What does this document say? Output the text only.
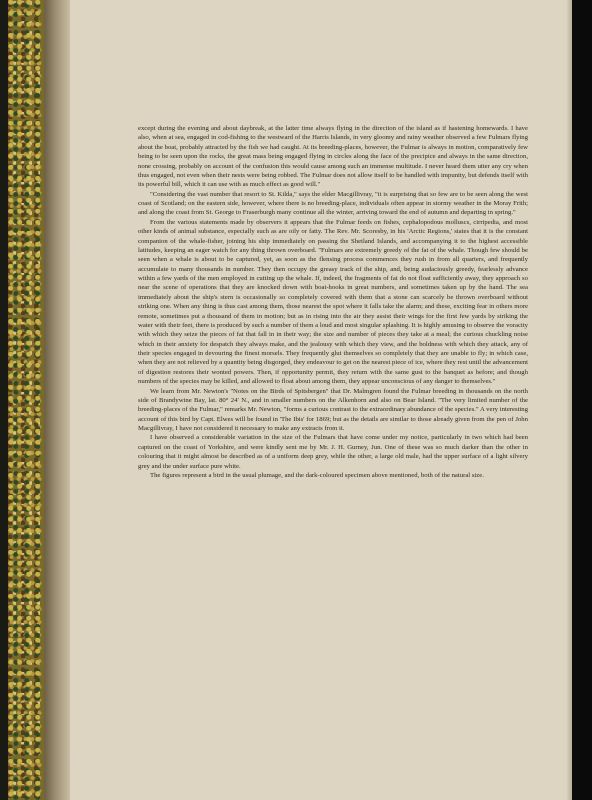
except during the evening and about daybreak, at the latter time always flying in the direction of the island as if hastening homewards. I have also, when at sea, engaged in cod-fishing to the westward of the Harris Islands, in very gloomy and rainy weather observed a few Fulmars flying about the boat, probably attracted by the fish we had caught. At its breeding-places, however, the Fulmar is always in motion, comparatively few being to be seen upon the rocks, the great mass being engaged flying in circles along the face of the precipice and always in the same direction, none crossing, probably on account of the confusion this would cause among such an immense multitude. I never heard them utter any cry when thus engaged, not even when their nests were being robbed. The Fulmar does not allow itself to be handled with impunity, but defends itself with its powerful bill, which it can use with as much effect as good will."

"Considering the vast number that resort to St. Kilda," says the elder Macgillivray, "it is surprising that so few are to be seen along the west coast of Scotland; on the eastern side, however, where there is no breeding-place, individuals often appear in stormy weather in the Moray Frith; and along the coast from St. George to Fraserburgh many continue all the winter, arriving toward the end of autumn and departing in spring."

From the various statements made by observers it appears that the Fulmar feeds on fishes, cephalopodous molluscs, cirripedia, and most other kinds of animal substance, especially such as are oily or fatty. The Rev. Mr. Scoresby, in his 'Arctic Regions,' states that it is the constant companion of the whale-fisher, joining his ship immediately on passing the Shetland Islands, and accompanying it to the highest accessible latitudes, keeping an eager watch for any thing thrown overboard. "Fulmars are extremely greedy of the fat of the whale. Though few should be seen when a whale is about to be captured, yet, as soon as the flensing process commences they rush in from all quarters, and frequently accumulate to many thousands in number. They then occupy the greasy track of the ship, and, being audaciously greedy, fearlessly advance within a few yards of the men employed in cutting up the whale. If, indeed, the fragments of fat do not float sufficiently away, they approach so near the scene of operations that they are knocked down with boat-hooks in great numbers, and sometimes taken up by the hand. The sea immediately about the ship's stern is occasionally so completely covered with them that a stone can scarcely be thrown overboard without striking one. When any thing is thus cast among them, those nearest the spot where it falls take the alarm; and these, exciting fear in others more remote, sometimes put a thousand of them in motion; but as in rising into the air they assist their wings for the first few yards by striking the water with their feet, there is produced by such a number of them a loud and most singular splashing. It is highly amusing to observe the voracity with which they seize the pieces of fat that fall in in their way; the size and number of pieces they take at a meal; the curious chuckling noise which in their anxiety for despatch they always make, and the jealousy with which they view, and the boldness with which they attack, any of their species engaged in devouring the finest morsels. They frequently glut themselves so completely that they are unable to fly; in which case, when they are not relieved by a quantity being disgorged, they endeavour to get on the nearest piece of ice, where they rest until the advancement of digestion restores their wonted powers. Then, if opportunity permit, they return with the same gust to the banquet as before; and though numbers of the species may be killed, and allowed to float about among them, they appear unconscious of any danger to themselves."

We learn from Mr. Newton's "Notes on the Birds of Spitsbergen" that Dr. Malmgren found the Fulmar breeding in thousands on the north side of Brandywine Bay, lat. 80° 24′ N., and in smaller numbers on the Alkenhorn and also on Bear Island. "The very limited number of the breeding-places of the Fulmar," remarks Mr. Newton, "forms a curious contrast to the extraordinary abundance of the species." A very interesting account of this bird by Capt. Elwes will be found in 'The Ibis' for 1869; but as the details are similar to those already given from the pen of John Macgillivray, I have not considered it necessary to make any extracts from it.

I have observed a considerable variation in the size of the Fulmars that have come under my notice, particularly in two which had been captured on the coast of Yorkshire, and were kindly sent me by Mr. J. H. Gurney, Jun. One of these was so much darker than the other in colouring that it might almost be described as of a uniform deep grey, while the other, a large old male, had the upper surface of a light silvery grey and the under surface pure white.

The figures represent a bird in the usual plumage, and the dark-coloured specimen above mentioned, both of the natural size.
